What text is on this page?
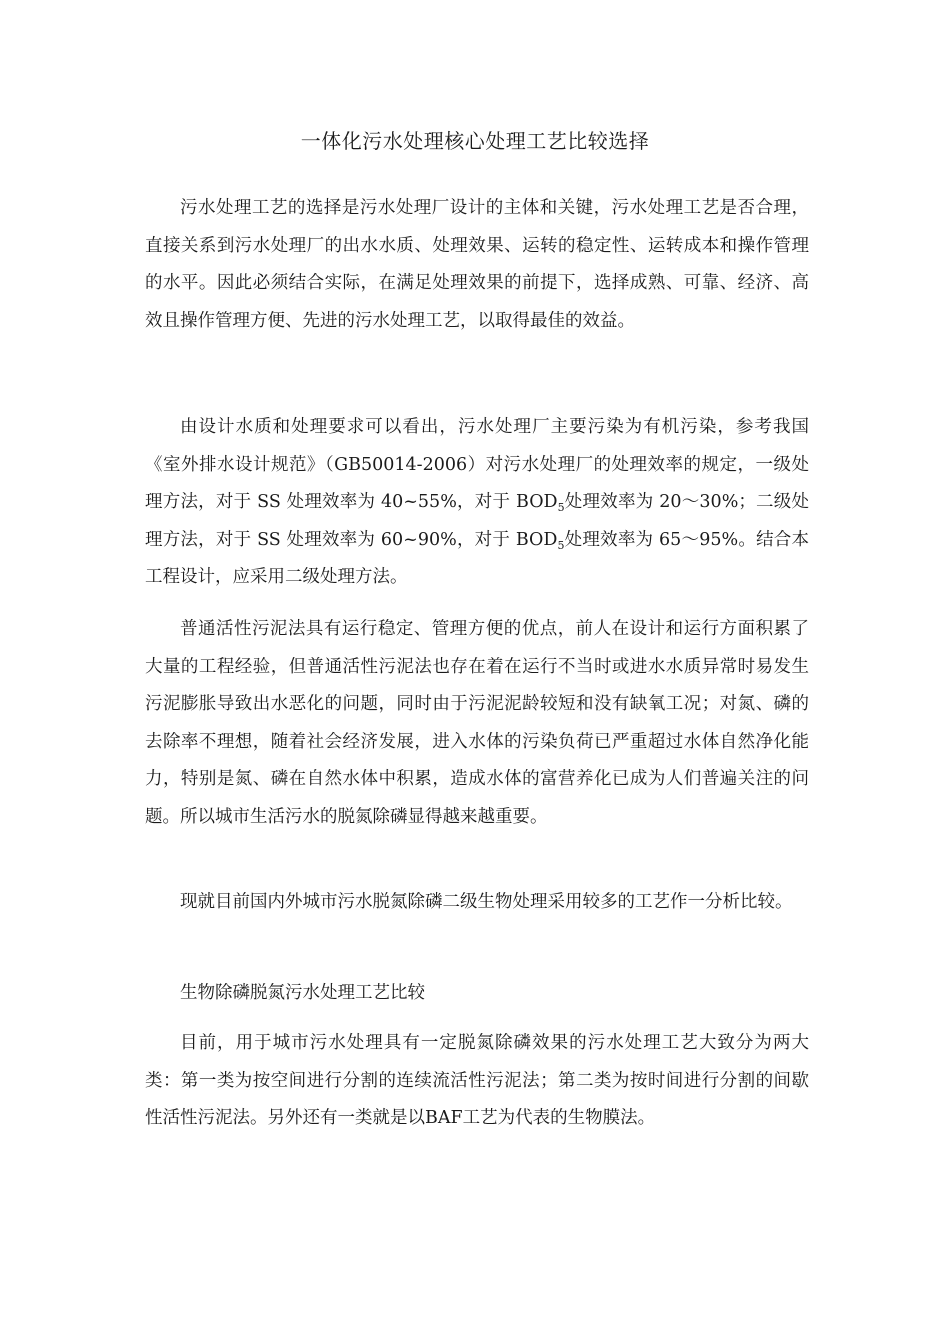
一体化污水处理核心处理工艺比较选择

污水处理工艺的选择是污水处理厂设计的主体和关键，污水处理工艺是否合理，直接关系到污水处理厂的出水水质、处理效果、运转的稳定性、运转成本和操作管理的水平。因此必须结合实际，在满足处理效果的前提下，选择成熟、可靠、经济、高效且操作管理方便、先进的污水处理工艺，以取得最佳的效益。

由设计水质和处理要求可以看出，污水处理厂主要污染为有机污染，参考我国《室外排水设计规范》（GB50014-2006）对污水处理厂的处理效率的规定，一级处理方法，对于 SS 处理效率为 40~55%，对于 $BOD_5$处理效率为 20～30%；二级处理方法，对于 SS 处理效率为 60~90%，对于 $BOD_5$处理效率为 65～95%。结合本工程设计，应采用二级处理方法。

普通活性污泥法具有运行稳定、管理方便的优点，前人在设计和运行方面积累了大量的工程经验，但普通活性污泥法也存在着在运行不当时或进水水质异常时易发生污泥膨胀导致出水恶化的问题，同时由于污泥泥龄较短和没有缺氧工况；对氮、磷的去除率不理想，随着社会经济发展，进入水体的污染负荷已严重超过水体自然净化能力，特别是氮、磷在自然水体中积累，造成水体的富营养化已成为人们普遍关注的问题。所以城市生活污水的脱氮除磷显得越来越重要。

现就目前国内外城市污水脱氮除磷二级生物处理采用较多的工艺作一分析比较。

生物除磷脱氮污水处理工艺比较

目前，用于城市污水处理具有一定脱氮除磷效果的污水处理工艺大致分为两大类：第一类为按空间进行分割的连续流活性污泥法；第二类为按时间进行分割的间歇性活性污泥法。另外还有一类就是以BAF工艺为代表的生物膜法。
